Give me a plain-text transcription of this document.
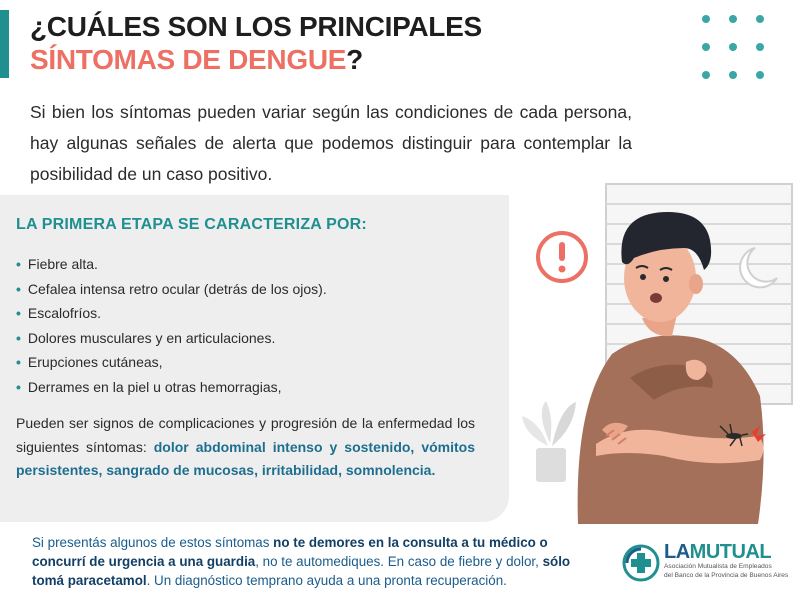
¿CUÁLES SON LOS PRINCIPALES
SÍNTOMAS DE DENGUE?

Si bien los síntomas pueden variar según las condiciones de cada persona, hay algunas señales de alerta que podemos distinguir para contemplar la posibilidad de un caso positivo.

LA PRIMERA ETAPA SE CARACTERIZA POR:
• Fiebre alta.
• Cefalea intensa retro ocular (detrás de los ojos).
• Escalofríos.
• Dolores musculares y en articulaciones.
• Erupciones cutáneas,
• Derrames en la piel u otras hemorragias,

Pueden ser signos de complicaciones y progresión de la enfermedad los siguientes síntomas: dolor abdominal intenso y sostenido, vómitos persistentes, sangrado de mucosas, irritabilidad, somnolencia.

Si presentás algunos de estos síntomas no te demores en la consulta a tu médico o concurrí de urgencia a una guardia, no te automediques. En caso de fiebre y dolor, sólo tomá paracetamol. Un diagnóstico temprano ayuda a una pronta recuperación.

LAMUTUAL
Asociación Mutualista de Empleados
del Banco de la Provincia de Buenos Aires
